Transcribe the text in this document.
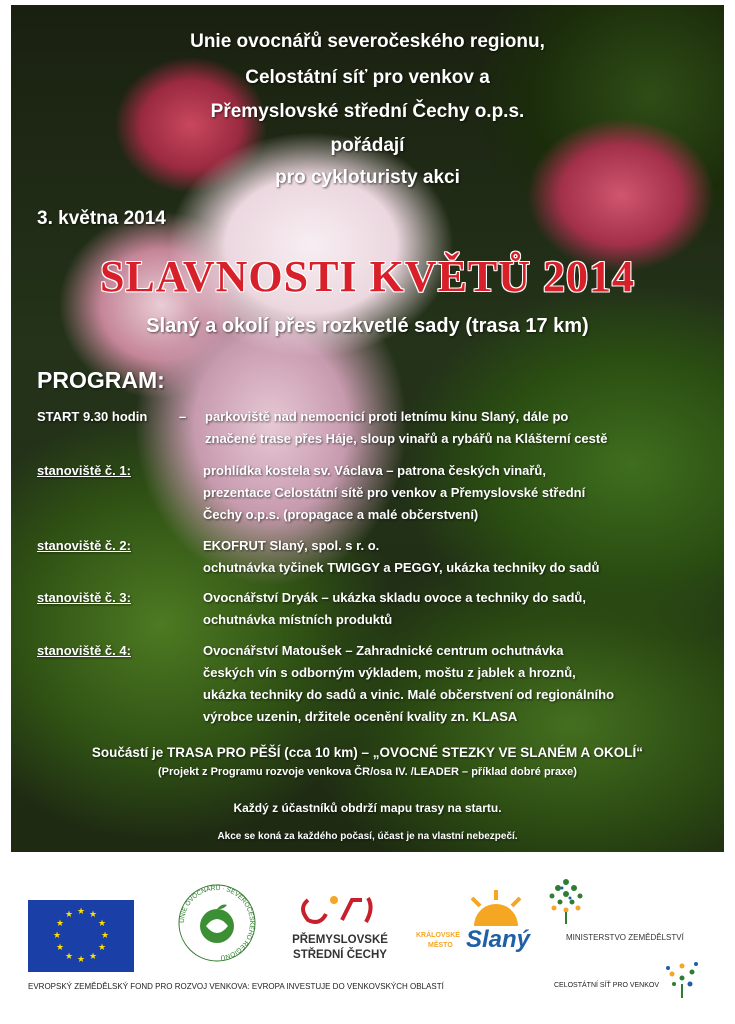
Unie ovocnářů severočeského regionu,
Celostátní síť pro venkov a
Přemyslovské střední Čechy o.p.s.
pořádají
pro cykloturisty akci
3. května 2014
SLAVNOSTI KVĚTŮ 2014
Slaný a okolí přes rozkvetlé sady (trasa 17 km)
PROGRAM:
START 9.30 hodin – parkoviště nad nemocnicí proti letnímu kinu Slaný, dále po
značené trase přes Háje, sloup vinařů a rybářů na Klášterní cestě
stanoviště č. 1:	prohlídka kostela sv. Václava – patrona českých vinařů,
prezentace Celostátní sítě pro venkov a Přemyslovské střední
Čechy o.p.s. (propagace a malé občerstvení)
stanoviště č. 2:	EKOFRUT Slaný, spol. s r. o.
ochutnávka tyčinek TWIGGY a PEGGY, ukázka techniky do sadů
stanoviště č. 3:	Ovocnářství Dryák – ukázka skladu ovoce a techniky do sadů,
ochutnávka místních produktů
stanoviště č. 4:	Ovocnářství Matoušek – Zahradnické centrum ochutnávka
českých vín s odborným výkladem, moštu z jablek a hroznů,
ukázka techniky do sadů a vinic. Malé občerstvení od regionálního
výrobce uzenin, držitele ocenění kvality zn. KLASA
Součástí je TRASA PRO PĚŠÍ (cca 10 km) – „OVOCNÉ STEZKY VE SLANÉM A OKOLÍ“
(Projekt z Programu rozvoje venkova ČR/osa IV. /LEADER – příklad dobré praxe)
Každý z účastníků obdrží mapu trasy na startu.
Akce se koná za každého počasí, účast je na vlastní nebezpečí.
★ ★
★
★
★
★
★
★
★
★
★
★
UNIE OVOCNÁŘŮ · SEVEROČESKÉHO REGIONU
PŘEMYSLOVSKÉ
STŘEDNÍ ČECHY
KRÁLOVSKÉ
MĚSTO Slaný	MINISTERSTVO ZEMĚDĚLSTVÍ
CELOSTÁTNÍ SÍŤ PRO VENKOV
EVROPSKÝ ZEMĚDĚLSKÝ FOND PRO ROZVOJ VENKOVA: EVROPA INVESTUJE DO VENKOVSKÝCH OBLASTÍ
